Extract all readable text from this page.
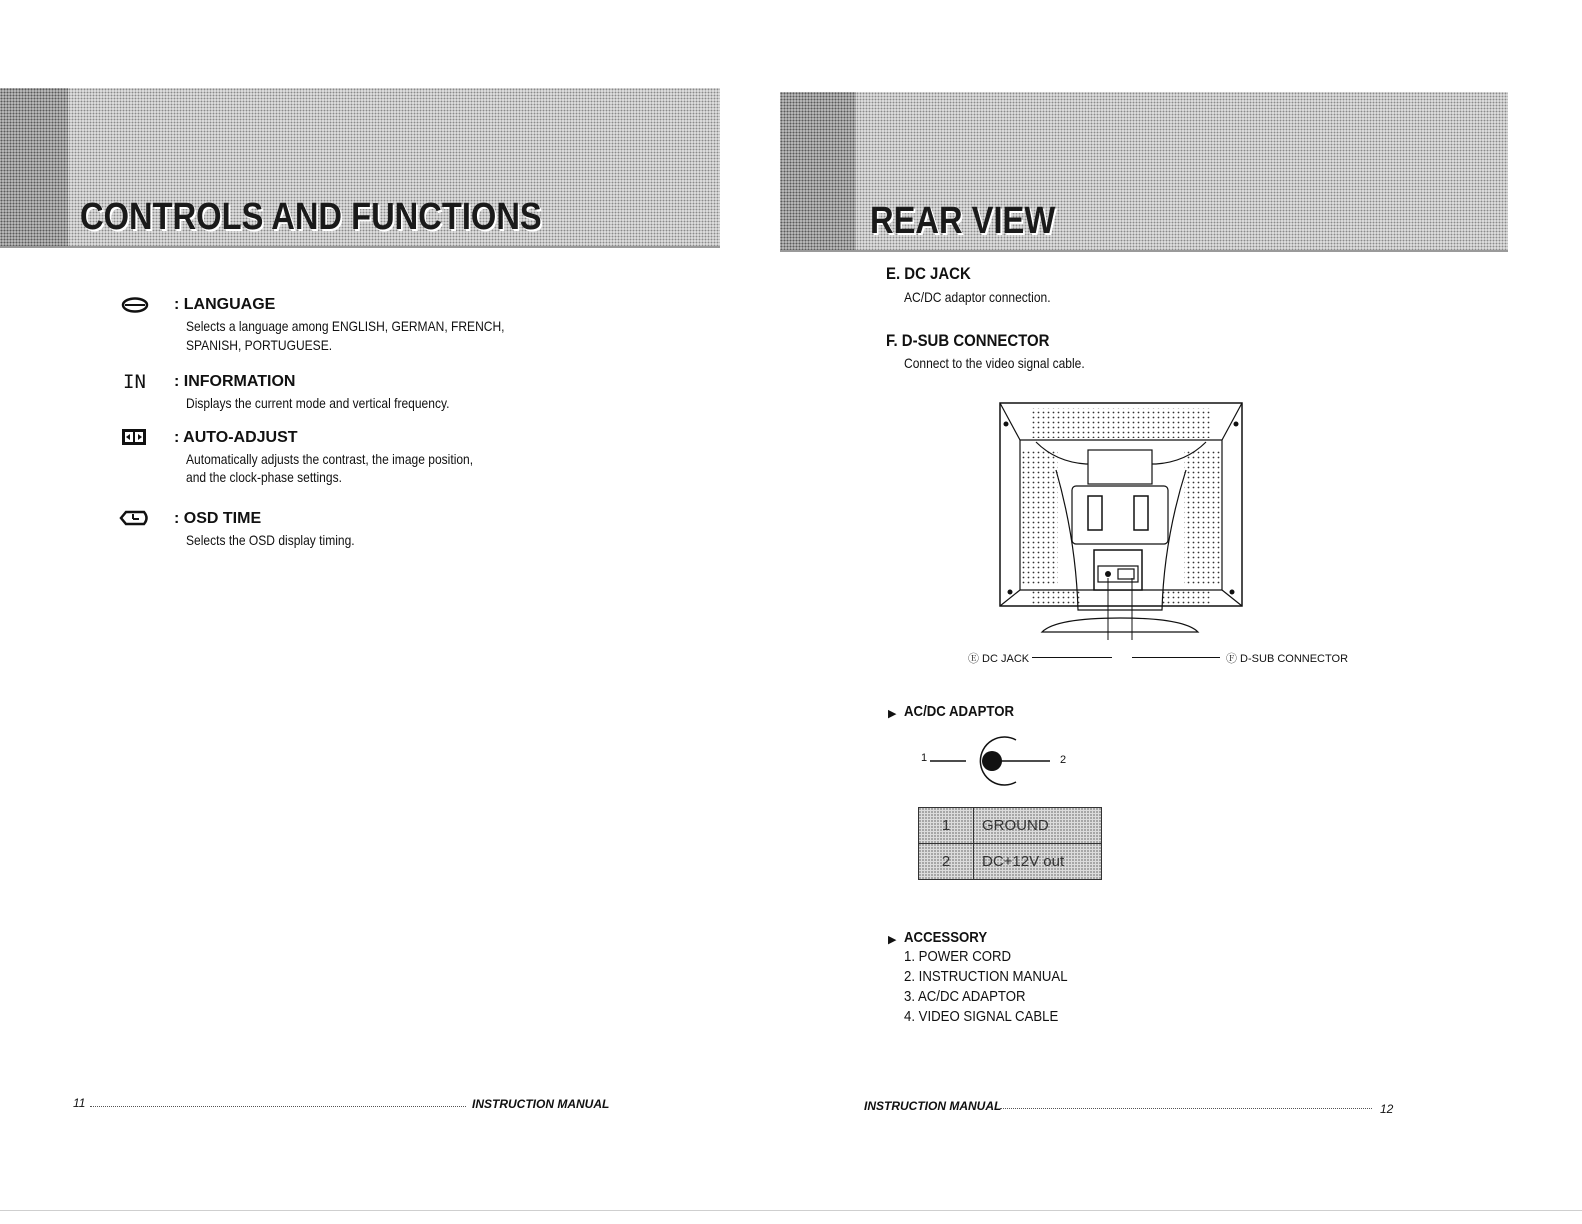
CONTROLS AND FUNCTIONS
: LANGUAGE
Selects a language among ENGLISH, GERMAN, FRENCH,
SPANISH, PORTUGUESE.
IN : INFORMATION
Displays the current mode and vertical frequency.
: AUTO-ADJUST
Automatically adjusts the contrast, the image position,
and the clock-phase settings.
: OSD TIME
Selects the OSD display timing.
11	INSTRUCTION MANUAL
REAR VIEW
E. DC JACK
AC/DC adaptor connection.
F. D-SUB CONNECTOR
Connect to the video signal cable.
Ⓔ DC JACK	Ⓕ D-SUB CONNECTOR
▶ AC/DC ADAPTOR
1	2
1	GROUND
2	DC+12V out
▶ ACCESSORY
1. POWER CORD
2. INSTRUCTION MANUAL
3. AC/DC ADAPTOR
4. VIDEO SIGNAL CABLE
INSTRUCTION MANUAL	12
